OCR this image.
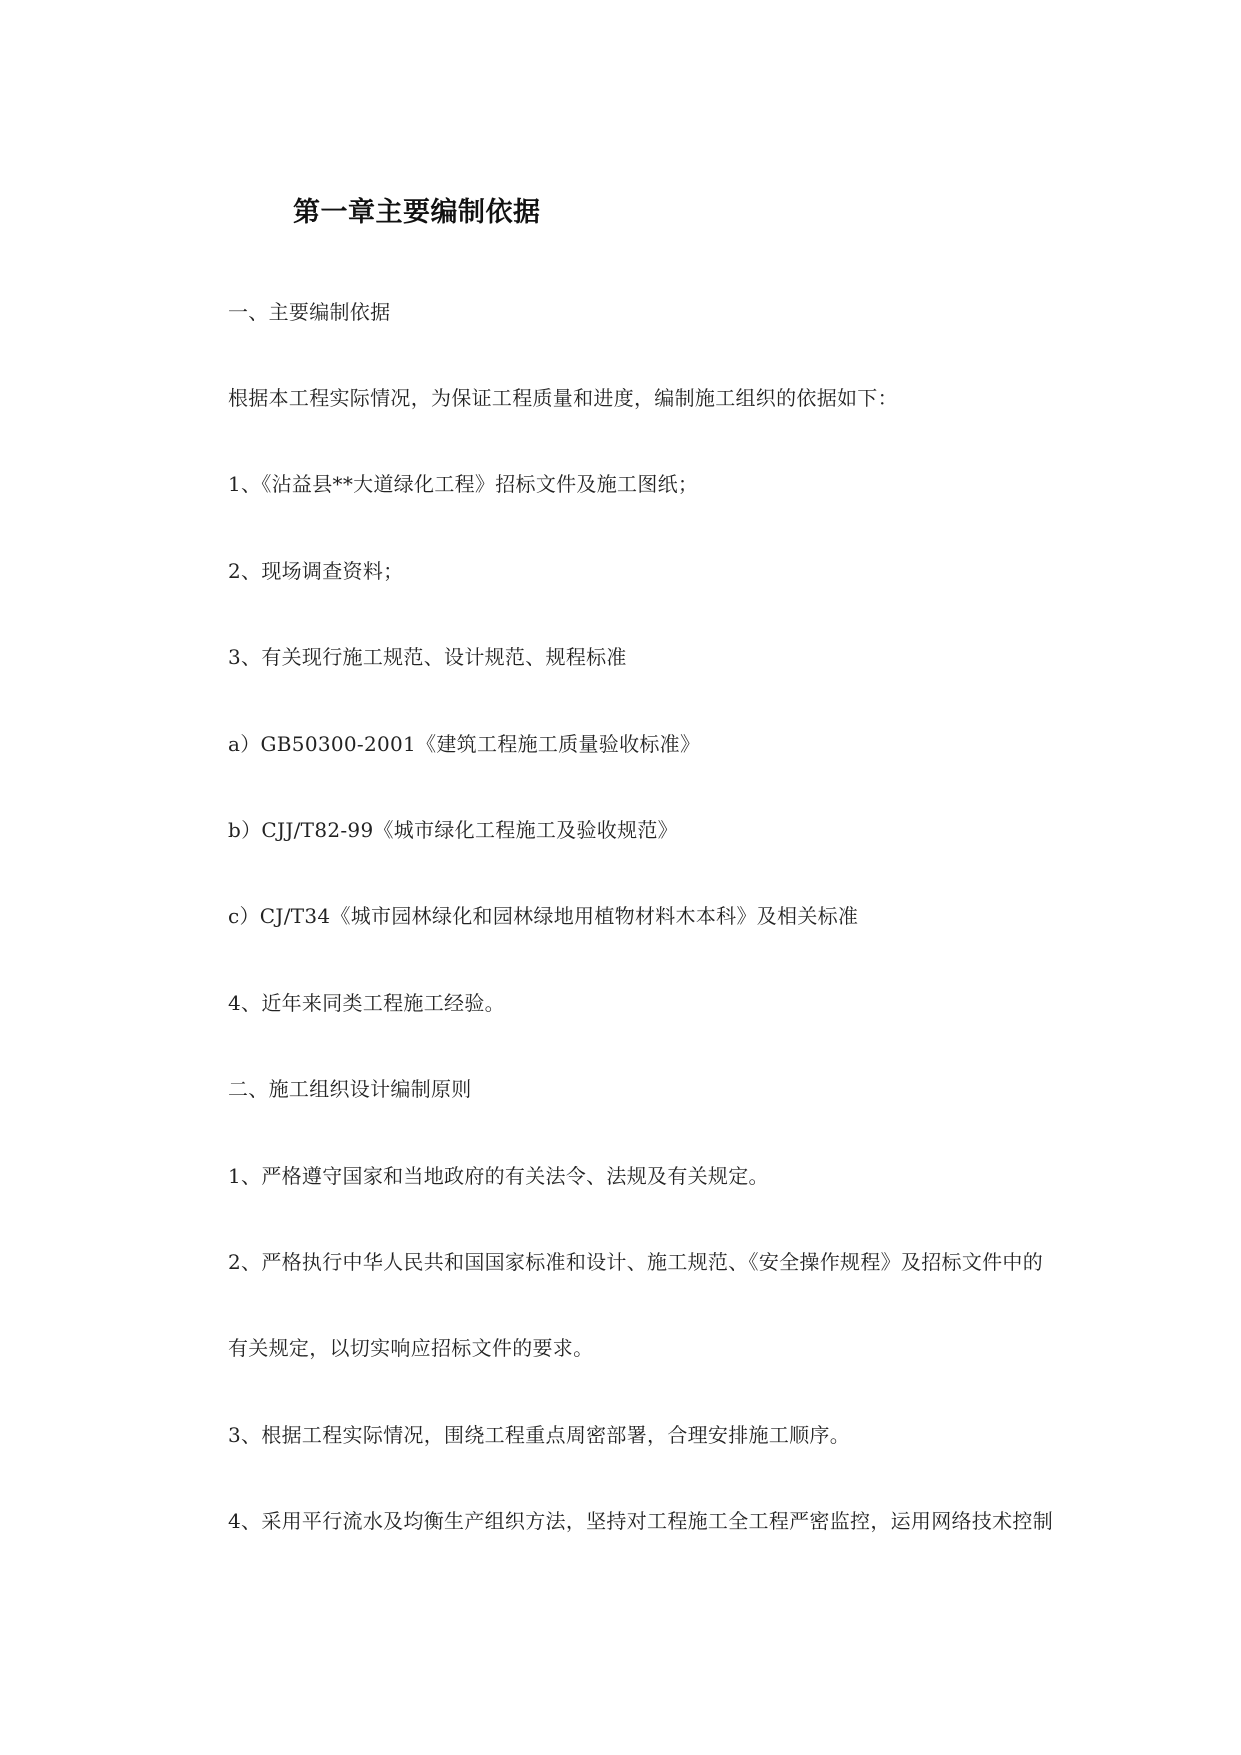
第一章主要编制依据
一、主要编制依据
根据本工程实际情况，为保证工程质量和进度，编制施工组织的依据如下：
1、《沾益县**大道绿化工程》招标文件及施工图纸；
2、现场调查资料；
3、有关现行施工规范、设计规范、规程标准
a）GB50300-2001《建筑工程施工质量验收标准》
b）CJJ/T82-99《城市绿化工程施工及验收规范》
c）CJ/T34《城市园林绿化和园林绿地用植物材料木本科》及相关标准
4、近年来同类工程施工经验。
二、施工组织设计编制原则
1、严格遵守国家和当地政府的有关法令、法规及有关规定。
2、严格执行中华人民共和国国家标准和设计、施工规范、《安全操作规程》及招标文件中的
有关规定，以切实响应招标文件的要求。
3、根据工程实际情况，围绕工程重点周密部署，合理安排施工顺序。
4、采用平行流水及均衡生产组织方法，坚持对工程施工全工程严密监控，运用网络技术控制
